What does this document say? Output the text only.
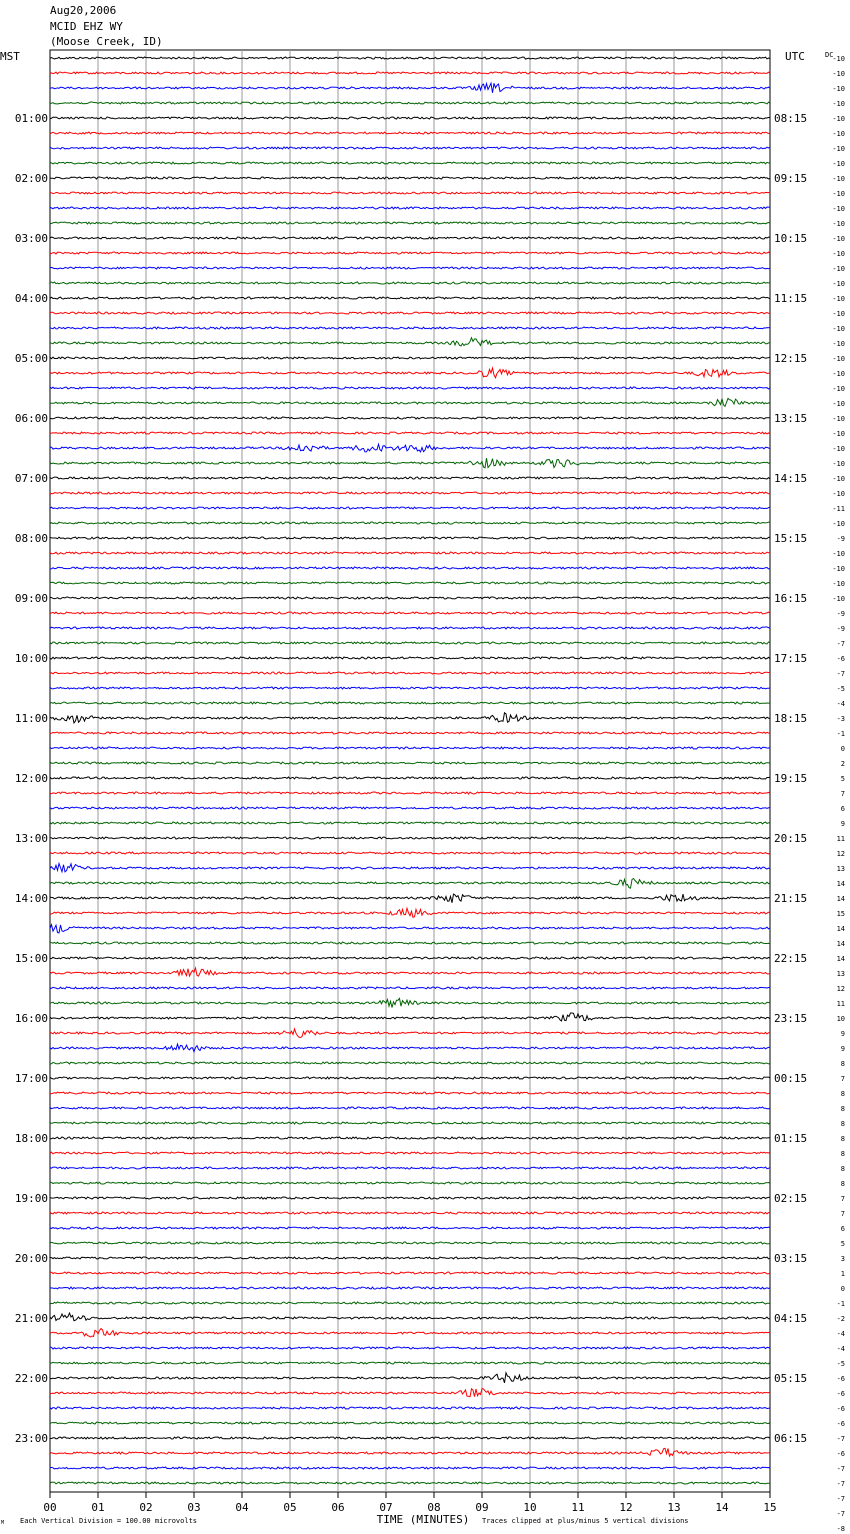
Aug20,2006
MCID EHZ WY
(Moose Creek, ID)
01:00
02:00
03:00
04:00
05:00
06:00
07:00
08:00
09:00
10:00
11:00
12:00
13:00
14:00
15:00
16:00
17:00
18:00
19:00
20:00
21:00
22:00
23:00
08:15
09:15
10:15
11:15
12:15
13:15
14:15
15:15
16:15
17:15
18:15
19:15
20:15
21:15
22:15
23:15
00:15
01:15
02:15
03:15
04:15
05:15
06:15
MST	UTC	DC
-10
-10
-10
-10
-10
-10
-10
-10
-10
-10
-10
-10
-10
-10
-10
-10
-10
-10
-10
-10
-10
-10
-10
-10
-10
-10
-10
-10
-10
-10
-11
-10
-9
-10
-10
-10
-10
-9
-9
-7
-6
-7
-5
-4
-3
-1
0
2
5
7
6
9
11
12
13
14
14
15
14
14
14
13
12
11
10
9
9
8
7
8
8
8
8
8
8
8
7
7
6
5
3
1
0
-1
-2
-4
-4
-5
-6
-6
-6
-6
-7
-6
-7
-7
-7
-7
-8
00	01	02	03	04	05	06	07	08	09	10	11	12	13	14	15
TIME (MINUTES)
M Each Vertical Division = 100.00 microvolts	Traces clipped at plus/minus 5 vertical divisions
